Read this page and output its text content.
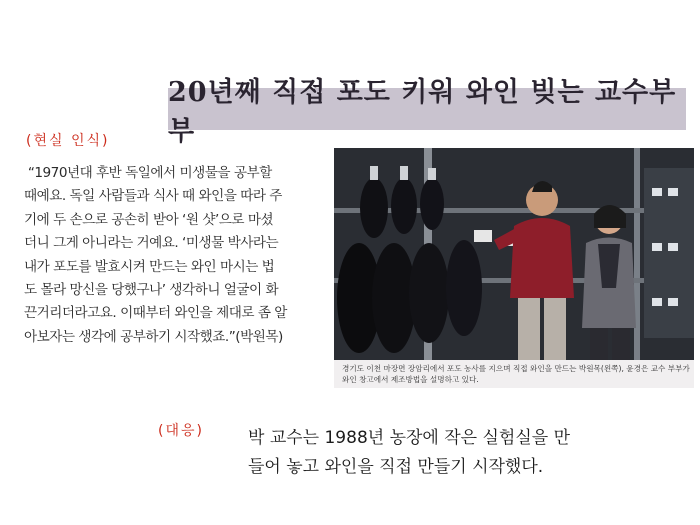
20년째 직접 포도 키워 와인 빚는 교수부부
(현실 인식)
“1970년대 후반 독일에서 미생물을 공부할
때예요. 독일 사람들과 식사 때 와인을 따라 주
기에 두 손으로 공손히 받아 ‘원 샷’으로 마셨
더니 그게 아니라는 거예요. ‘미생물 박사라는
내가 포도를 발효시켜 만드는 와인 마시는 법
도 몰라 망신을 당했구나’ 생각하니 얼굴이 화
끈거리더라고요. 이때부터 와인을 제대로 좀 알
아보자는 생각에 공부하기 시작했죠.”(박원목)
경기도 이천 마장면 장암리에서 포도 농사를 지으며 직접 와인을 만드는 박원목(왼쪽), 윤경은 교수 부부가
와인 창고에서 제조방법을 설명하고 있다.
(대응)	박 교수는 1988년 농장에 작은 실험실을 만
들어 놓고 와인을 직접 만들기 시작했다.
